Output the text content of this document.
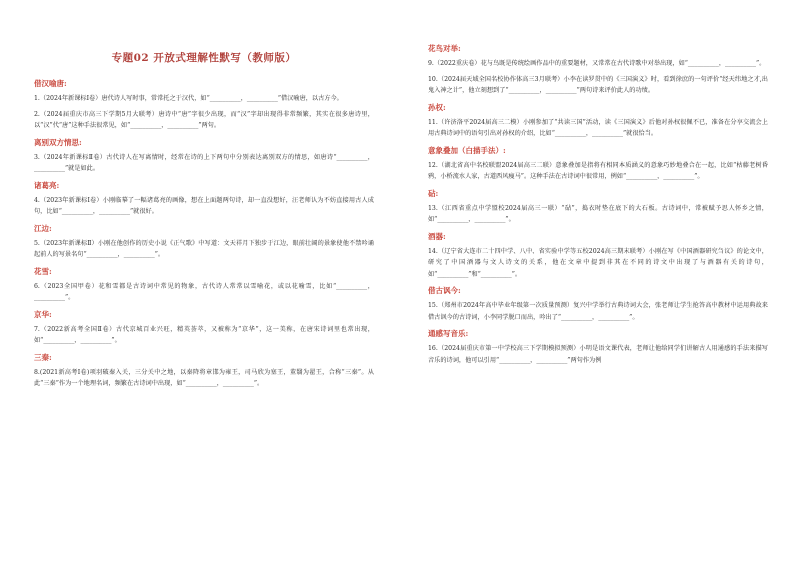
专题02 开放式理解性默写（教师版）
借汉喻唐:
1.（2024年新课标Ⅰ卷）唐代诗人写时事，常常托之于汉代，如“__________，__________”借汉喻唐，以古方今。
2.（2024届重庆市高三下学期5月大联考）唐诗中“唐”字很少出现，而“汉”字却出现得非常频繁，其实在很多唐诗里，以“汉”代“唐”这种手法很常见，如“__________，__________”两句。
离别双方情思:
3.（2024年新课标Ⅱ卷）古代诗人在写离情时，经常在诗的上下两句中分别表达离别双方的情思，如唐诗“__________，__________”就是如此。
诸葛亮:
4.（2023年新课标Ⅰ卷）小刚临摹了一幅诸葛亮的画像，想在上面题两句诗，却一直没想好，汪老师认为不妨直接用古人成句，比如“__________，__________”就很好。
江边:
5.（2023年新课标Ⅱ）小刚在他创作的历史小说《正气歌》中写道：文天祥月下独步于江边，眼前壮阔的景象使他不禁吟诵起前人的写景名句“__________，__________”。
花雪:
6.（2023全国甲卷）花和雪都是古诗词中常见的物象，古代诗人常常以雪喻花，或以花喻雪，比如“__________，__________”。
京华:
7.（2022新高考全国Ⅱ卷）古代京城百业兴旺，精英荟萃，又被称为“京华”，这一美称，在唐宋诗词里也常出现，如“__________，__________”。
三秦:
8.(2021新高考Ⅰ卷)项羽破秦入关，三分关中之地，以秦降将章邯为雍王，司马欣为塞王，董翳为翟王，合称“三秦”。从此“三秦”作为一个地理名词，频繁在古诗词中出现，如“__________，__________”。
花鸟对举:
9.（2022重庆卷）花与鸟既是传统绘画作品中的重要题材，又常常在古代诗歌中对举出现，如“__________，__________”。
10.（2024届天域全国名校协作体高三3月联考）小李在读罗贯中的《三国演义》时，看到徐庶的一句评价“经天纬地之才,出鬼入神之计”，他立刻想到了“__________，__________”两句诗来评价此人的功绩。
孙权:
11.（许济洛平2024届高三二模）小刚参加了“共读三国”活动，读《三国演义》后他对孙权很佩不已，准备在分享交流会上用古典诗词中的语句引出对孙权的介绍，比如“__________，__________”就很恰当。
意象叠加（白描手法）:
12.（湖北省高中名校联盟2024届高三二联）意象叠加是指将有相同本质涵义的意象巧妙地叠合在一起，比如“枯藤老树昏鸦，小桥流水人家，古道西风瘦马”。这种手法在古诗词中很常用，例如“__________，__________”。
砧:
13.（江西省重点中学盟校2024届高三一联）“砧”，捣衣时垫在底下的大石板。古诗词中，常被赋予思人怀乡之情，如“__________，__________”。
酒器:
14.（辽宁省大连市二十四中学、八中、省实验中学等五校2024高三期末联考）小刚在写《中国酒器研究刍议》的论文中，研究了中国酒器与文人诗文的关系，他在文章中提到非其在不同的诗文中出现了与酒器有关的诗句，如“__________”和“__________”。
借古讽今:
15.（郑州市2024年高中毕业年级第一次质量预测）复兴中学举行古典诗词大会，张老师让学生抢答高中教材中运用典故来借古讽今的古诗词，小李同学脱口而出，吟出了“__________，__________”。
通感写音乐:
16.（2024届重庆市第一中学校高三下学期模拟预测）小明是语文课代表，老师让他给同学们讲解古人用通感的手法来描写音乐的诗词，他可以引用“__________，__________”两句作为例
